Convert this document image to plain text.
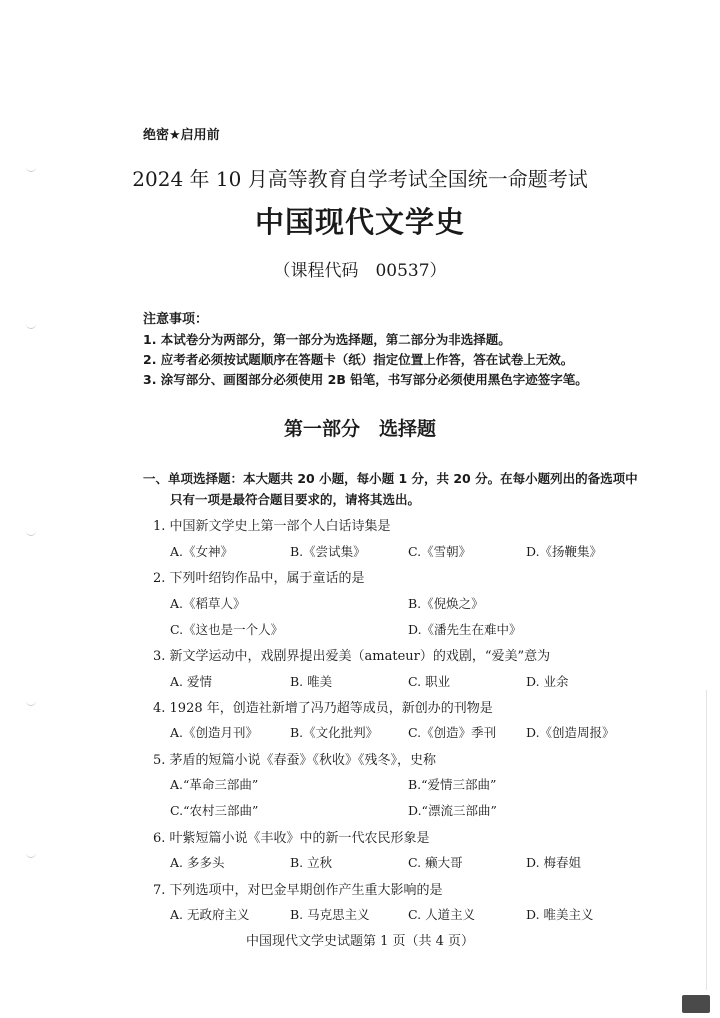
绝密★启用前
2024 年 10 月高等教育自学考试全国统一命题考试
中国现代文学史
（课程代码　00537）
注意事项：
1. 本试卷分为两部分，第一部分为选择题，第二部分为非选择题。
2. 应考者必须按试题顺序在答题卡（纸）指定位置上作答，答在试卷上无效。
3. 涂写部分、画图部分必须使用 2B 铅笔，书写部分必须使用黑色字迹签字笔。
第一部分　选择题
一、单项选择题：本大题共 20 小题，每小题 1 分，共 20 分。在每小题列出的备选项中
只有一项是最符合题目要求的，请将其选出。
1. 中国新文学史上第一部个人白话诗集是
A.《女神》	B.《尝试集》	C.《雪朝》	D.《扬鞭集》
2. 下列叶绍钧作品中，属于童话的是
A.《稻草人》	B.《倪焕之》
C.《这也是一个人》	D.《潘先生在难中》
3. 新文学运动中，戏剧界提出爱美（amateur）的戏剧，“爱美”意为
A. 爱情	B. 唯美	C. 职业	D. 业余
4. 1928 年，创造社新增了冯乃超等成员，新创办的刊物是
A.《创造月刊》	B.《文化批判》 C.《创造》季刊 D.《创造周报》
5. 茅盾的短篇小说《春蚕》《秋收》《残冬》，史称
A.“革命三部曲”	B.“爱情三部曲”
C.“农村三部曲”	D.“漂流三部曲”
6. 叶紫短篇小说《丰收》中的新一代农民形象是
A. 多多头	B. 立秋	C. 癞大哥	D. 梅春姐
7. 下列选项中，对巴金早期创作产生重大影响的是
A. 无政府主义	B. 马克思主义	C. 人道主义	D. 唯美主义
中国现代文学史试题第 1 页（共 4 页）
